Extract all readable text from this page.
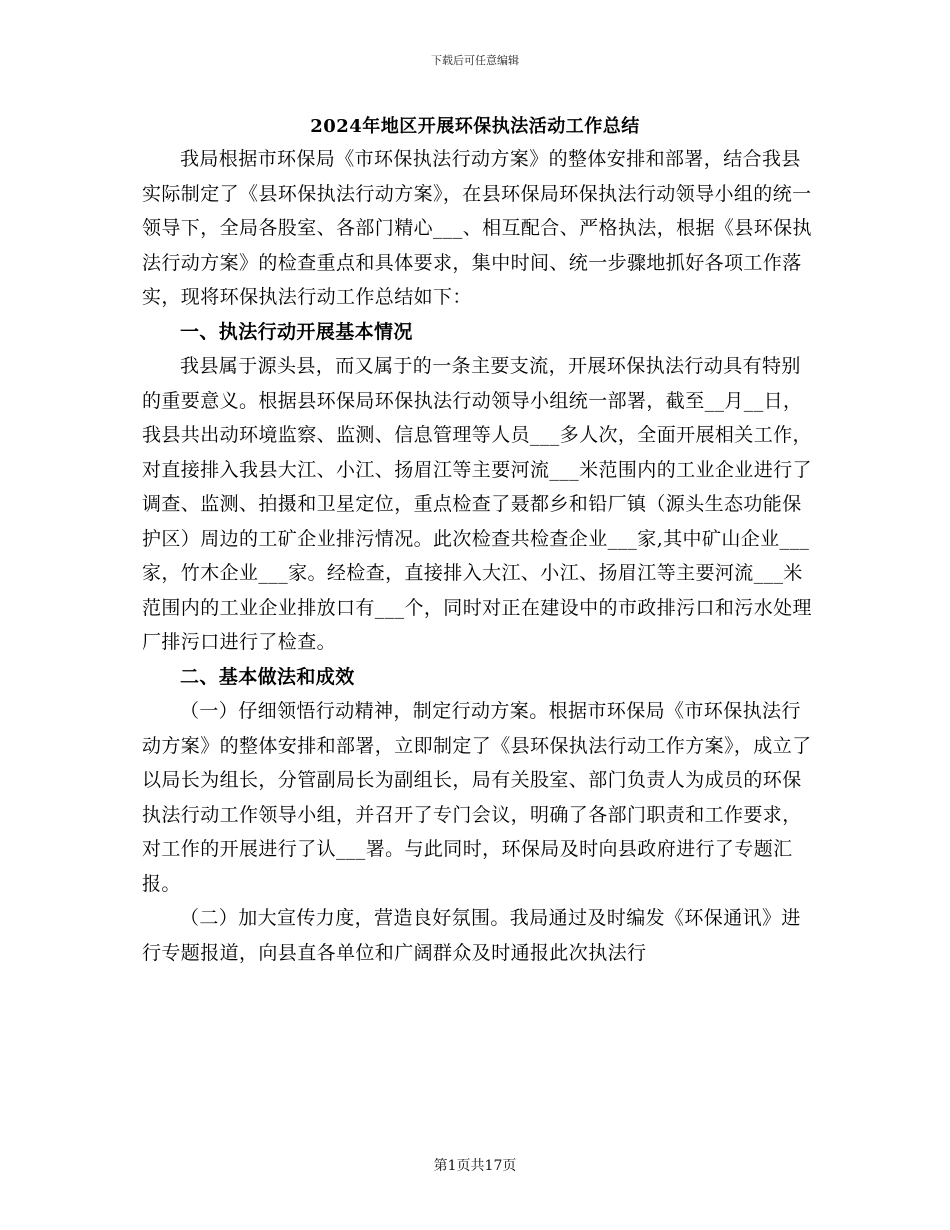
下载后可任意编辑
2024年地区开展环保执法活动工作总结

我局根据市环保局《市环保执法行动方案》的整体安排和部署，结合我县实际制定了《县环保执法行动方案》，在县环保局环保执法行动领导小组的统一领导下，全局各股室、各部门精心___、相互配合、严格执法，根据《县环保执法行动方案》的检查重点和具体要求，集中时间、统一步骤地抓好各项工作落实，现将环保执法行动工作总结如下：

一、执法行动开展基本情况

我县属于源头县，而又属于的一条主要支流，开展环保执法行动具有特别的重要意义。根据县环保局环保执法行动领导小组统一部署，截至__月__日，我县共出动环境监察、监测、信息管理等人员___多人次，全面开展相关工作，对直接排入我县大江、小江、扬眉江等主要河流___米范围内的工业企业进行了调查、监测、拍摄和卫星定位，重点检查了聂都乡和铅厂镇（源头生态功能保护区）周边的工矿企业排污情况。此次检查共检查企业___家,其中矿山企业___家，竹木企业___家。经检查，直接排入大江、小江、扬眉江等主要河流___米范围内的工业企业排放口有___个，同时对正在建设中的市政排污口和污水处理厂排污口进行了检查。

二、基本做法和成效

（一）仔细领悟行动精神，制定行动方案。根据市环保局《市环保执法行动方案》的整体安排和部署，立即制定了《县环保执法行动工作方案》，成立了以局长为组长，分管副局长为副组长，局有关股室、部门负责人为成员的环保执法行动工作领导小组，并召开了专门会议，明确了各部门职责和工作要求，对工作的开展进行了认___署。与此同时，环保局及时向县政府进行了专题汇报。

（二）加大宣传力度，营造良好氛围。我局通过及时编发《环保通讯》进行专题报道，向县直各单位和广阔群众及时通报此次执法行

第1页共17页
